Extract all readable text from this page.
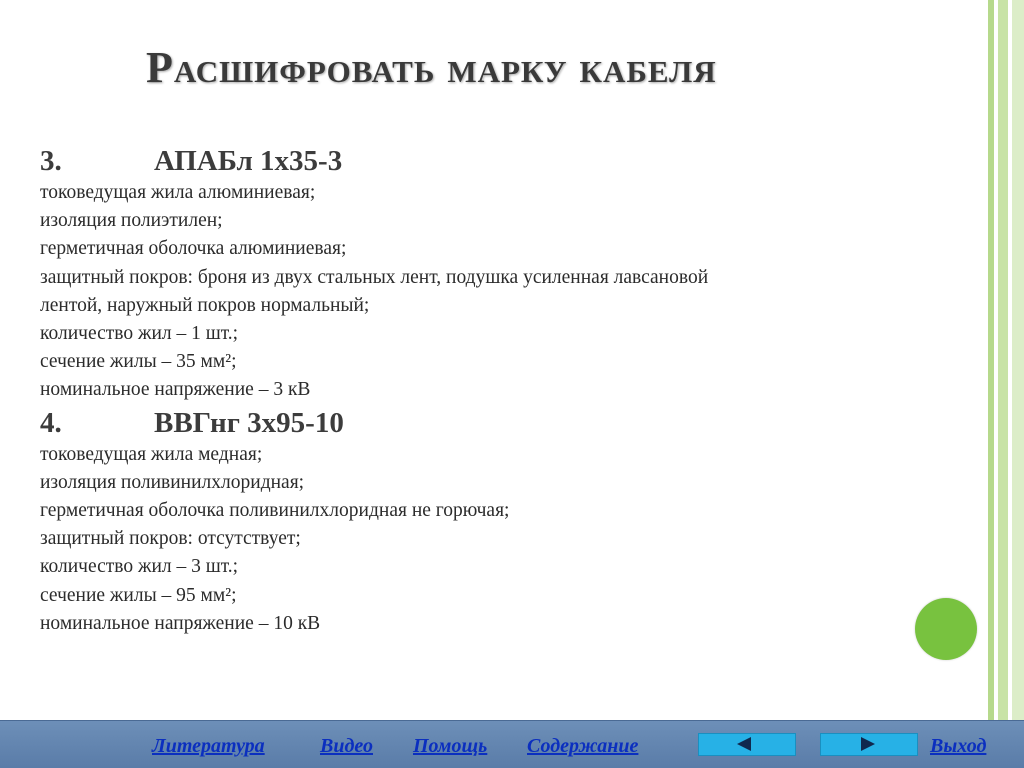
Расшифровать марку кабеля
3.	АПАБл 1х35-3
токоведущая жила алюминиевая;
изоляция полиэтилен;
герметичная оболочка алюминиевая;
защитный покров: броня из двух стальных лент, подушка усиленная лавсановой
лентой, наружный покров нормальный;
количество жил – 1 шт.;
сечение жилы – 35 мм²;
номинальное напряжение – 3 кВ
4.	ВВГнг 3х95-10
токоведущая жила медная;
изоляция поливинилхлоридная;
герметичная оболочка поливинилхлоридная не горючая;
защитный покров: отсутствует;
количество жил – 3 шт.;
сечение жилы – 95 мм²;
номинальное напряжение – 10 кВ
Литература	Видео Помощь Содержание	Выход
